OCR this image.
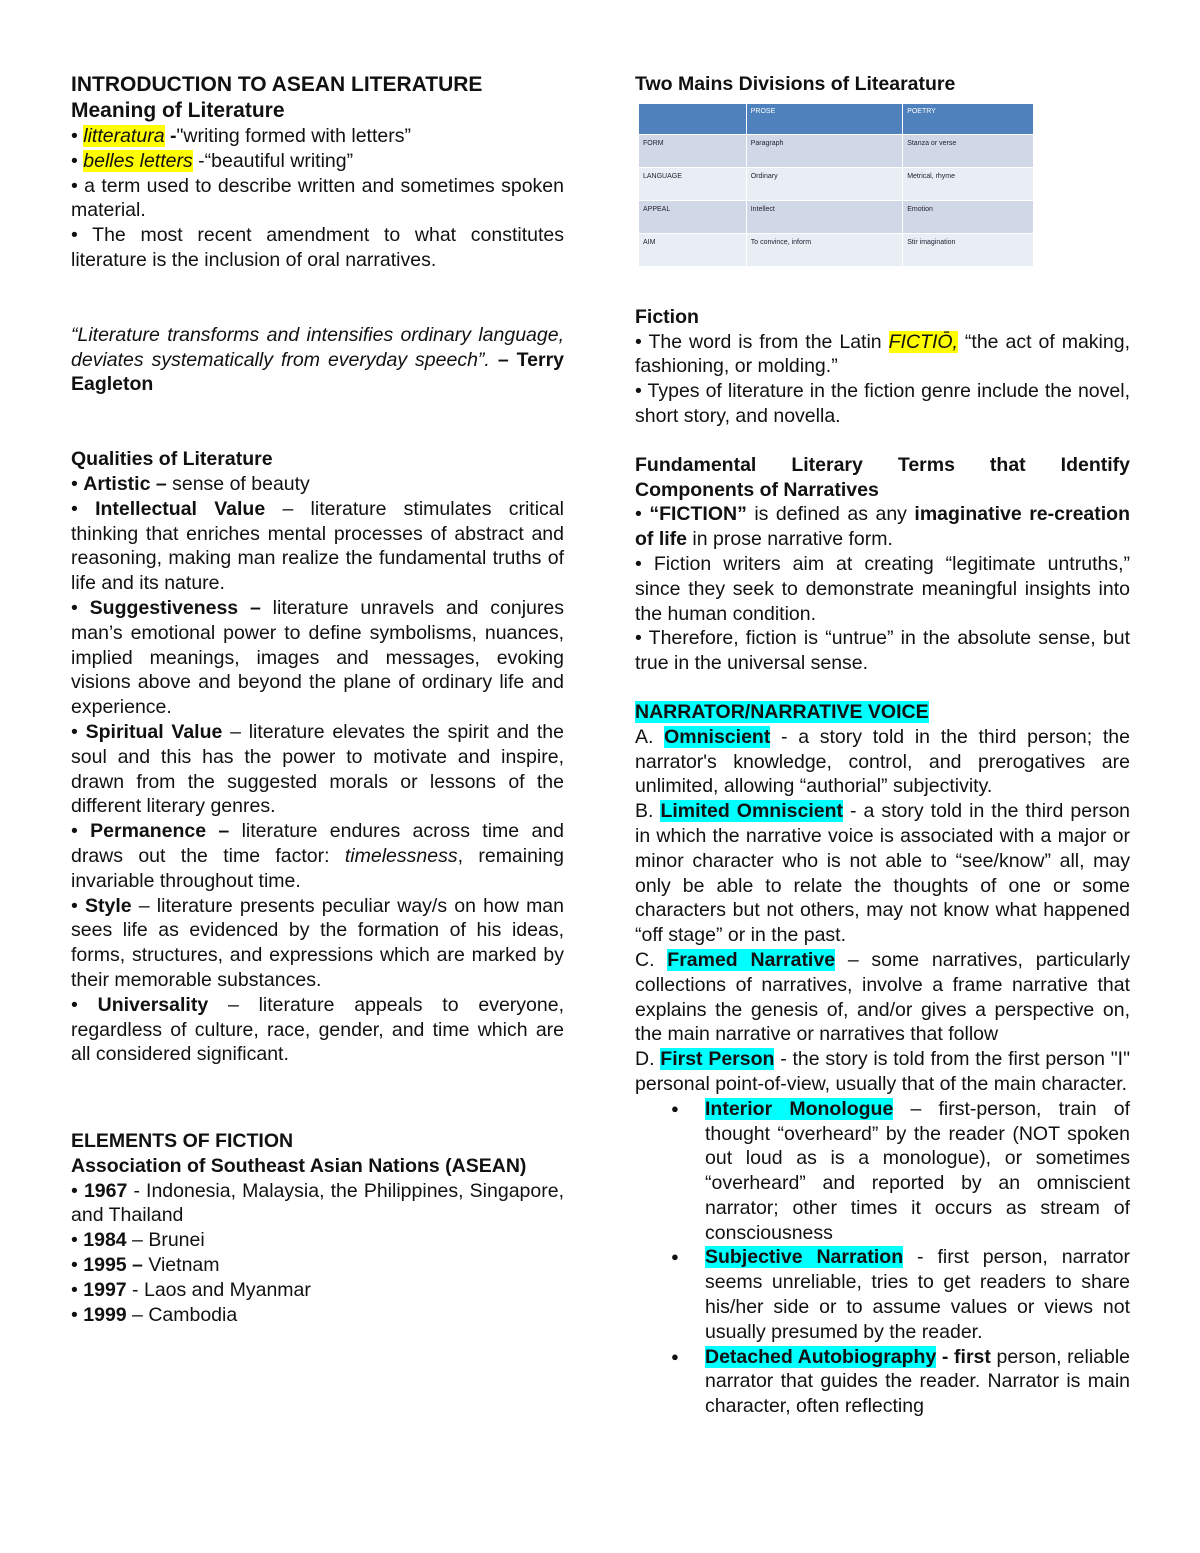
INTRODUCTION TO ASEAN LITERATURE

Meaning of Literature

• litteratura -"writing formed with letters”

• belles letters -“beautiful writing”

• a term used to describe written and sometimes spoken material.

• The most recent amendment to what constitutes literature is the inclusion of oral narratives.

“Literature transforms and intensifies ordinary language, deviates systematically from everyday speech”. – Terry Eagleton

Qualities of Literature

• Artistic – sense of beauty

• Intellectual Value – literature stimulates critical thinking that enriches mental processes of abstract and reasoning, making man realize the fundamental truths of life and its nature.

• Suggestiveness – literature unravels and conjures man’s emotional power to define symbolisms, nuances, implied meanings, images and messages, evoking visions above and beyond the plane of ordinary life and experience.

• Spiritual Value – literature elevates the spirit and the soul and this has the power to motivate and inspire, drawn from the suggested morals or lessons of the different literary genres.

• Permanence – literature endures across time and draws out the time factor: timelessness, remaining invariable throughout time.

• Style – literature presents peculiar way/s on how man sees life as evidenced by the formation of his ideas, forms, structures, and expressions which are marked by their memorable substances.

• Universality – literature appeals to everyone, regardless of culture, race, gender, and time which are all considered significant.

ELEMENTS OF FICTION

Association of Southeast Asian Nations (ASEAN)

• 1967 - Indonesia, Malaysia, the Philippines, Singapore, and Thailand

• 1984 – Brunei

• 1995 – Vietnam

• 1997 - Laos and Myanmar

• 1999 – Cambodia

Two Mains Divisions of Litearature

	PROSE	POETRY
FORM	Paragraph	Stanza or verse
LANGUAGE	Ordinary	Metrical, rhyme
APPEAL	Intellect	Emotion
AIM	To convince, inform	Stir imagination

Fiction

• The word is from the Latin FICTIŌ, “the act of making, fashioning, or molding.”

• Types of literature in the fiction genre include the novel, short story, and novella.

Fundamental Literary Terms that Identify Components of Narratives

• “FICTION” is defined as any imaginative re-creation of life in prose narrative form.

• Fiction writers aim at creating “legitimate untruths,” since they seek to demonstrate meaningful insights into the human condition.

• Therefore, fiction is “untrue” in the absolute sense, but true in the universal sense.

NARRATOR/NARRATIVE VOICE

A. Omniscient - a story told in the third person; the narrator's knowledge, control, and prerogatives are unlimited, allowing “authorial” subjectivity.

B. Limited Omniscient - a story told in the third person in which the narrative voice is associated with a major or minor character who is not able to “see/know” all, may only be able to relate the thoughts of one or some characters but not others, may not know what happened “off stage” or in the past.

C. Framed Narrative – some narratives, particularly collections of narratives, involve a frame narrative that explains the genesis of, and/or gives a perspective on, the main narrative or narratives that follow

D. First Person - the story is told from the first person "I" personal point-of-view, usually that of the main character.

● Interior Monologue – first-person, train of thought “overheard” by the reader (NOT spoken out loud as is a monologue), or sometimes “overheard” and reported by an omniscient narrator; other times it occurs as stream of consciousness
● Subjective Narration - first person, narrator seems unreliable, tries to get readers to share his/her side or to assume values or views not usually presumed by the reader.
● Detached Autobiography - first person, reliable narrator that guides the reader. Narrator is main character, often reflecting
